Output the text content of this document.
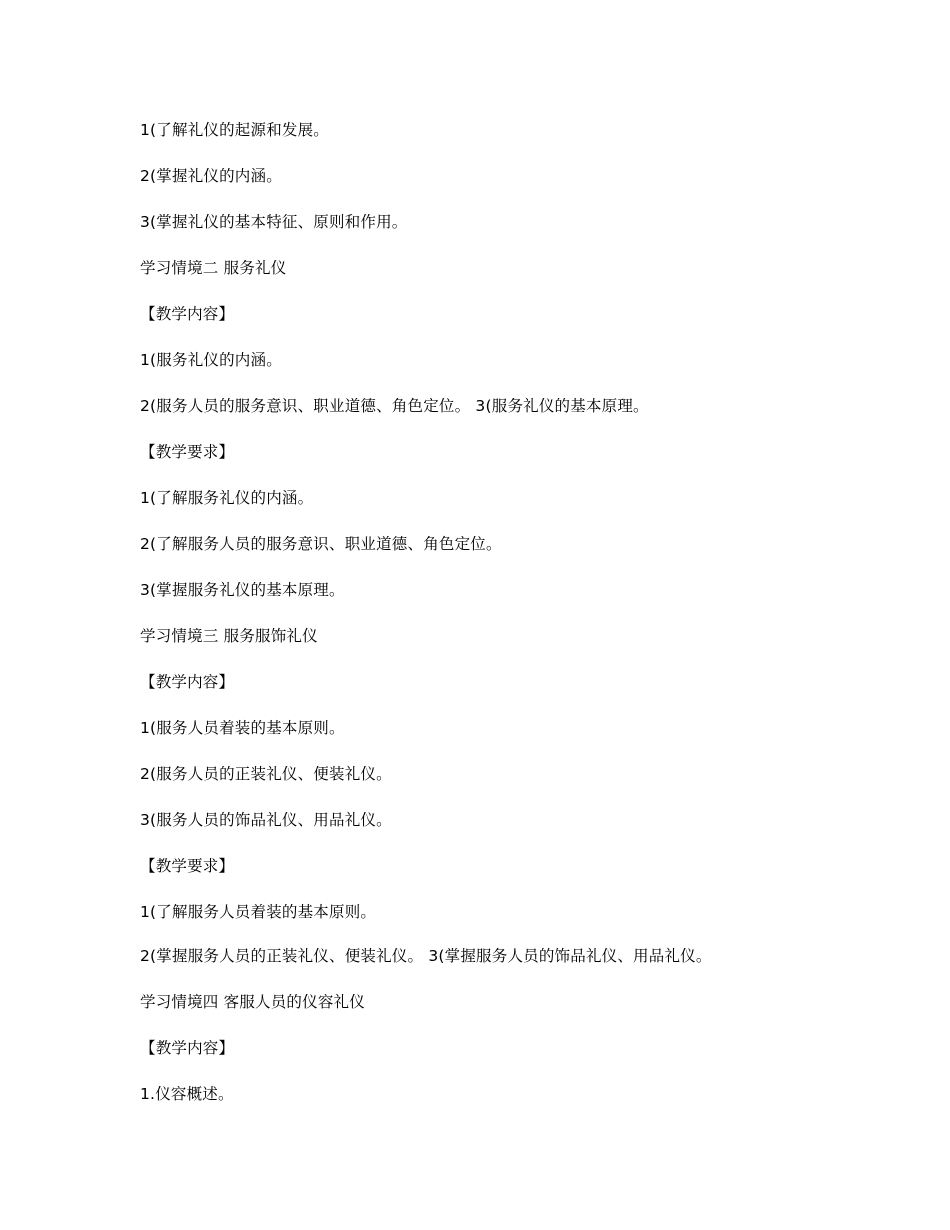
1(了解礼仪的起源和发展。
2(掌握礼仪的内涵。
3(掌握礼仪的基本特征、原则和作用。
学习情境二 服务礼仪
【教学内容】
1(服务礼仪的内涵。
2(服务人员的服务意识、职业道德、角色定位。 3(服务礼仪的基本原理。
【教学要求】
1(了解服务礼仪的内涵。
2(了解服务人员的服务意识、职业道德、角色定位。
3(掌握服务礼仪的基本原理。
学习情境三 服务服饰礼仪
【教学内容】
1(服务人员着装的基本原则。
2(服务人员的正装礼仪、便装礼仪。
3(服务人员的饰品礼仪、用品礼仪。
【教学要求】
1(了解服务人员着装的基本原则。
2(掌握服务人员的正装礼仪、便装礼仪。 3(掌握服务人员的饰品礼仪、用品礼仪。
学习情境四 客服人员的仪容礼仪
【教学内容】
1.仪容概述。
